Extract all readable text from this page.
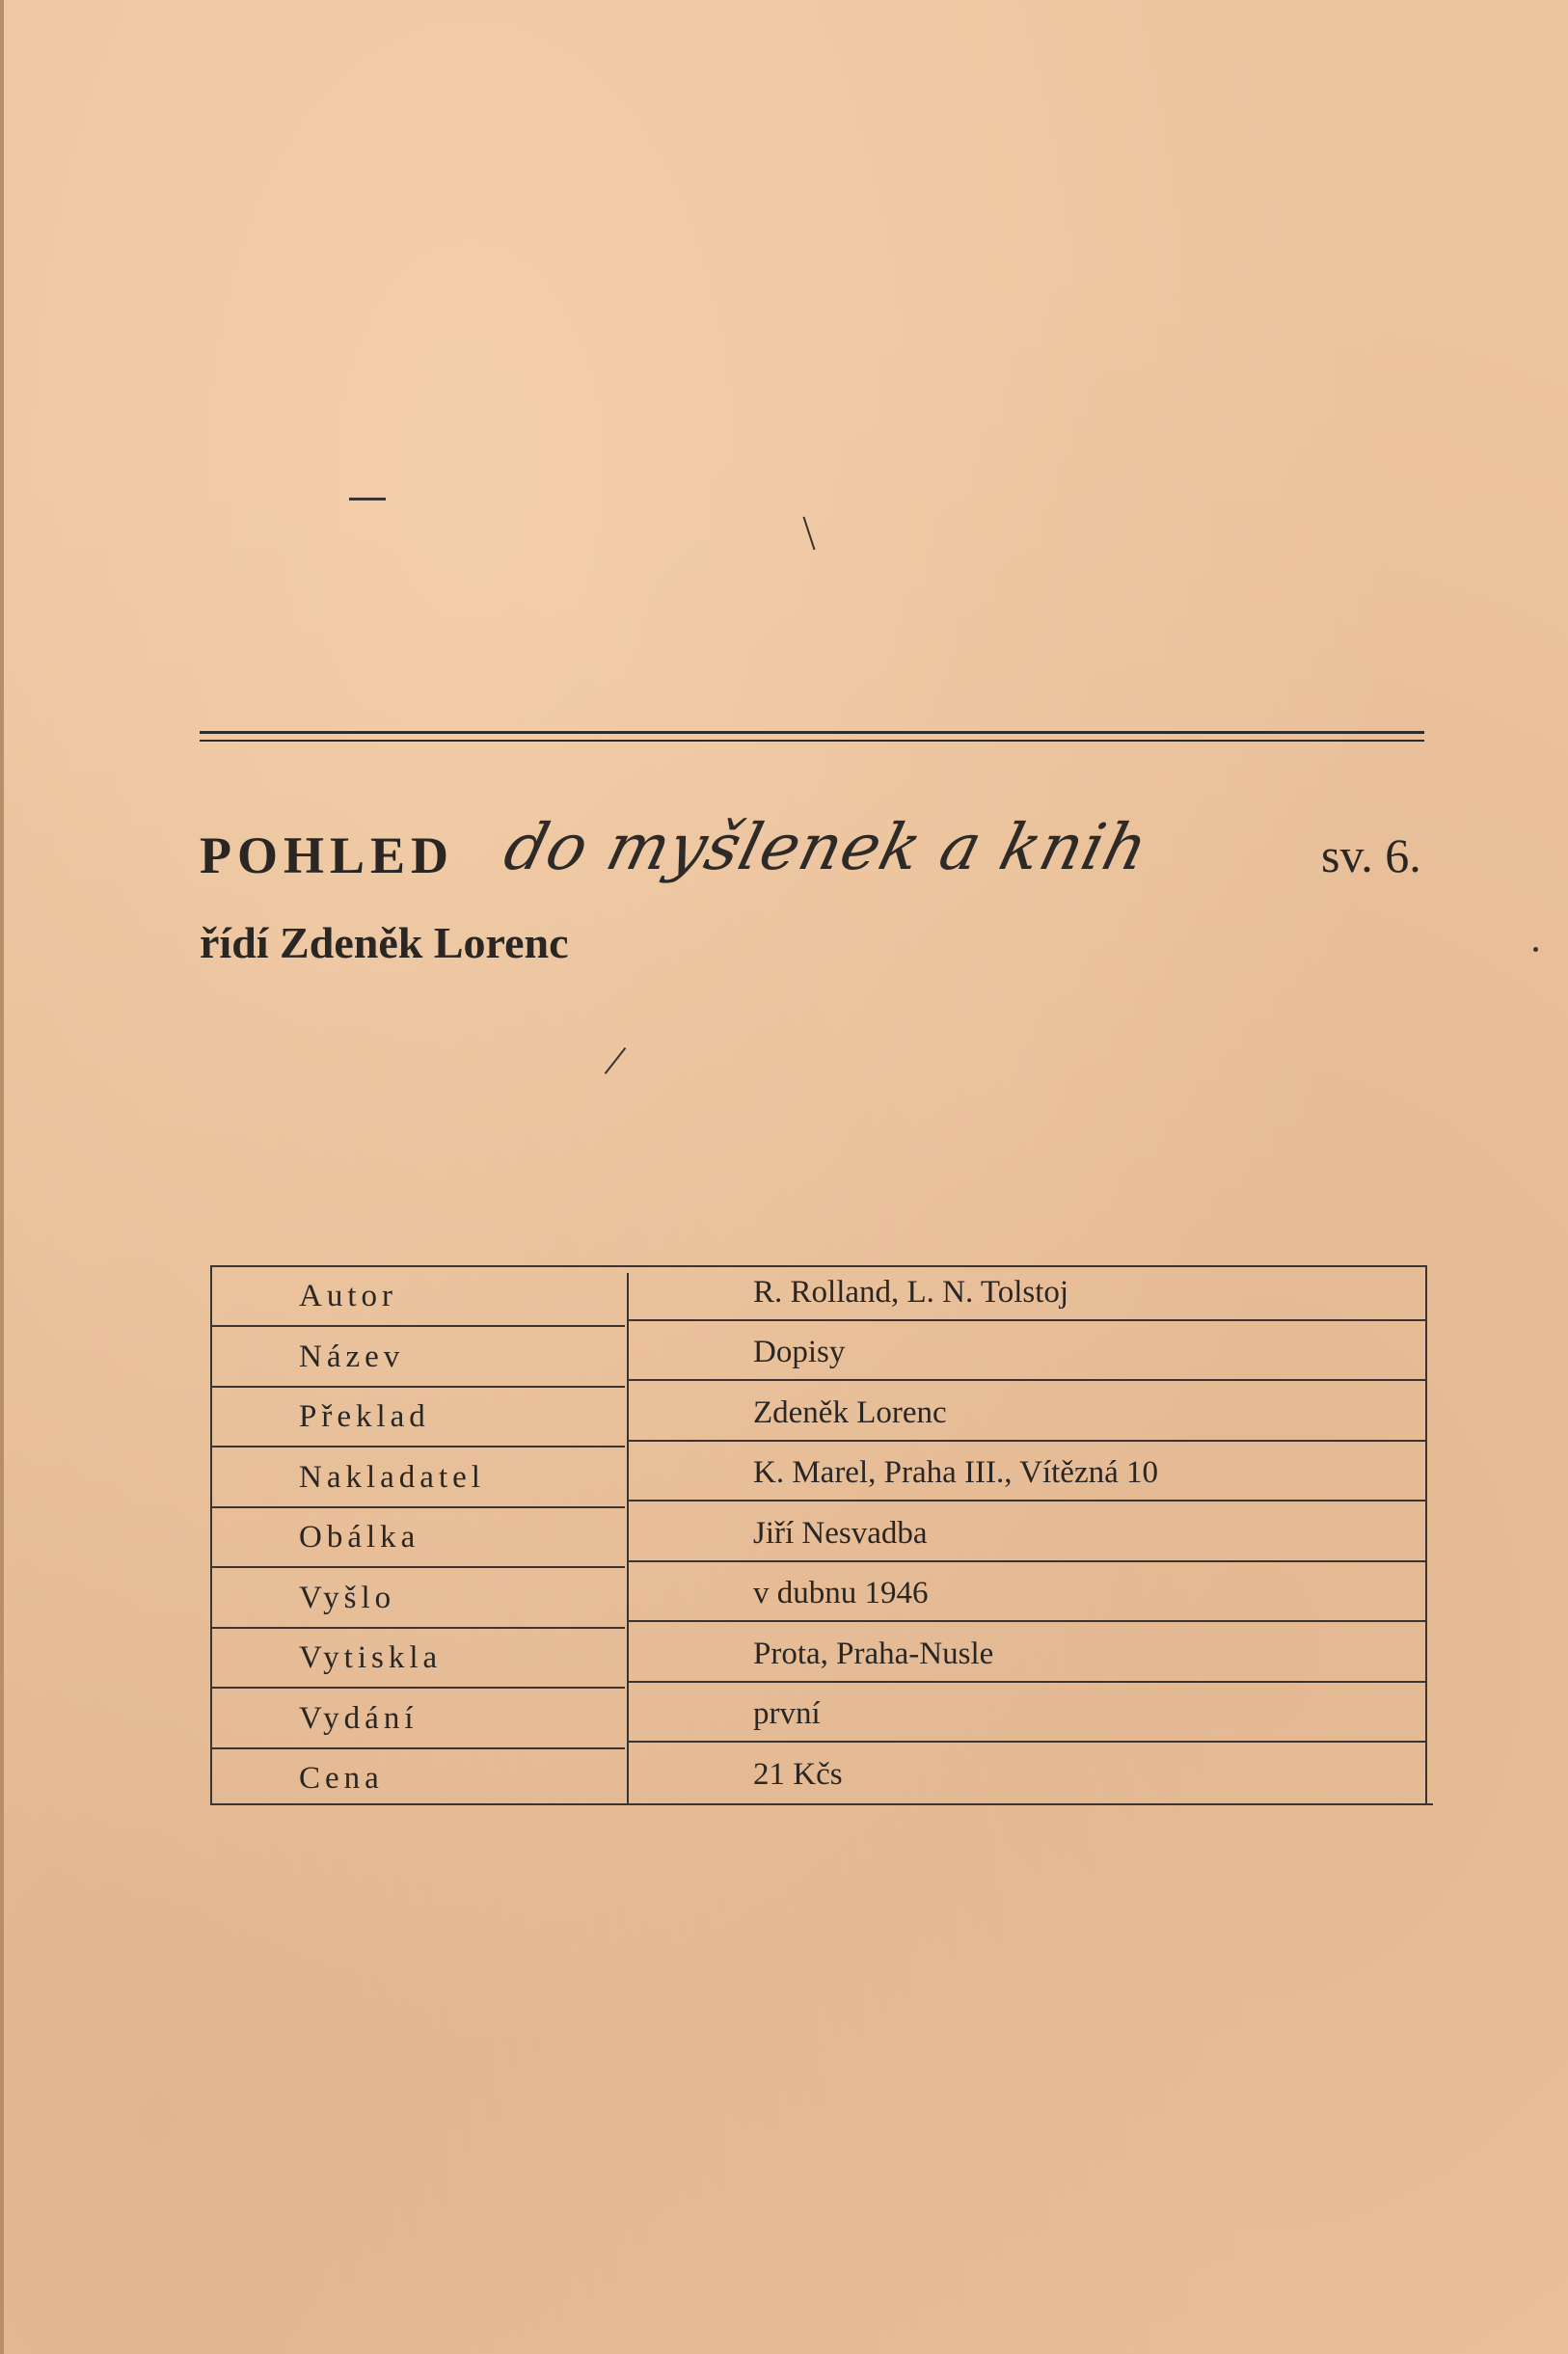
POHLED do myšlenek a knih	sv. 6.
řídí Zdeněk Lorenc
Autor
Název
Překlad
Nakladatel
Obálka
Vyšlo
Vytiskla
Vydání
Cena
R. Rolland, L. N. Tolstoj
Dopisy
Zdeněk Lorenc
K. Marel, Praha III., Vítězná 10
Jiří Nesvadba
v dubnu 1946
Prota, Praha-Nusle
první
21 Kčs
